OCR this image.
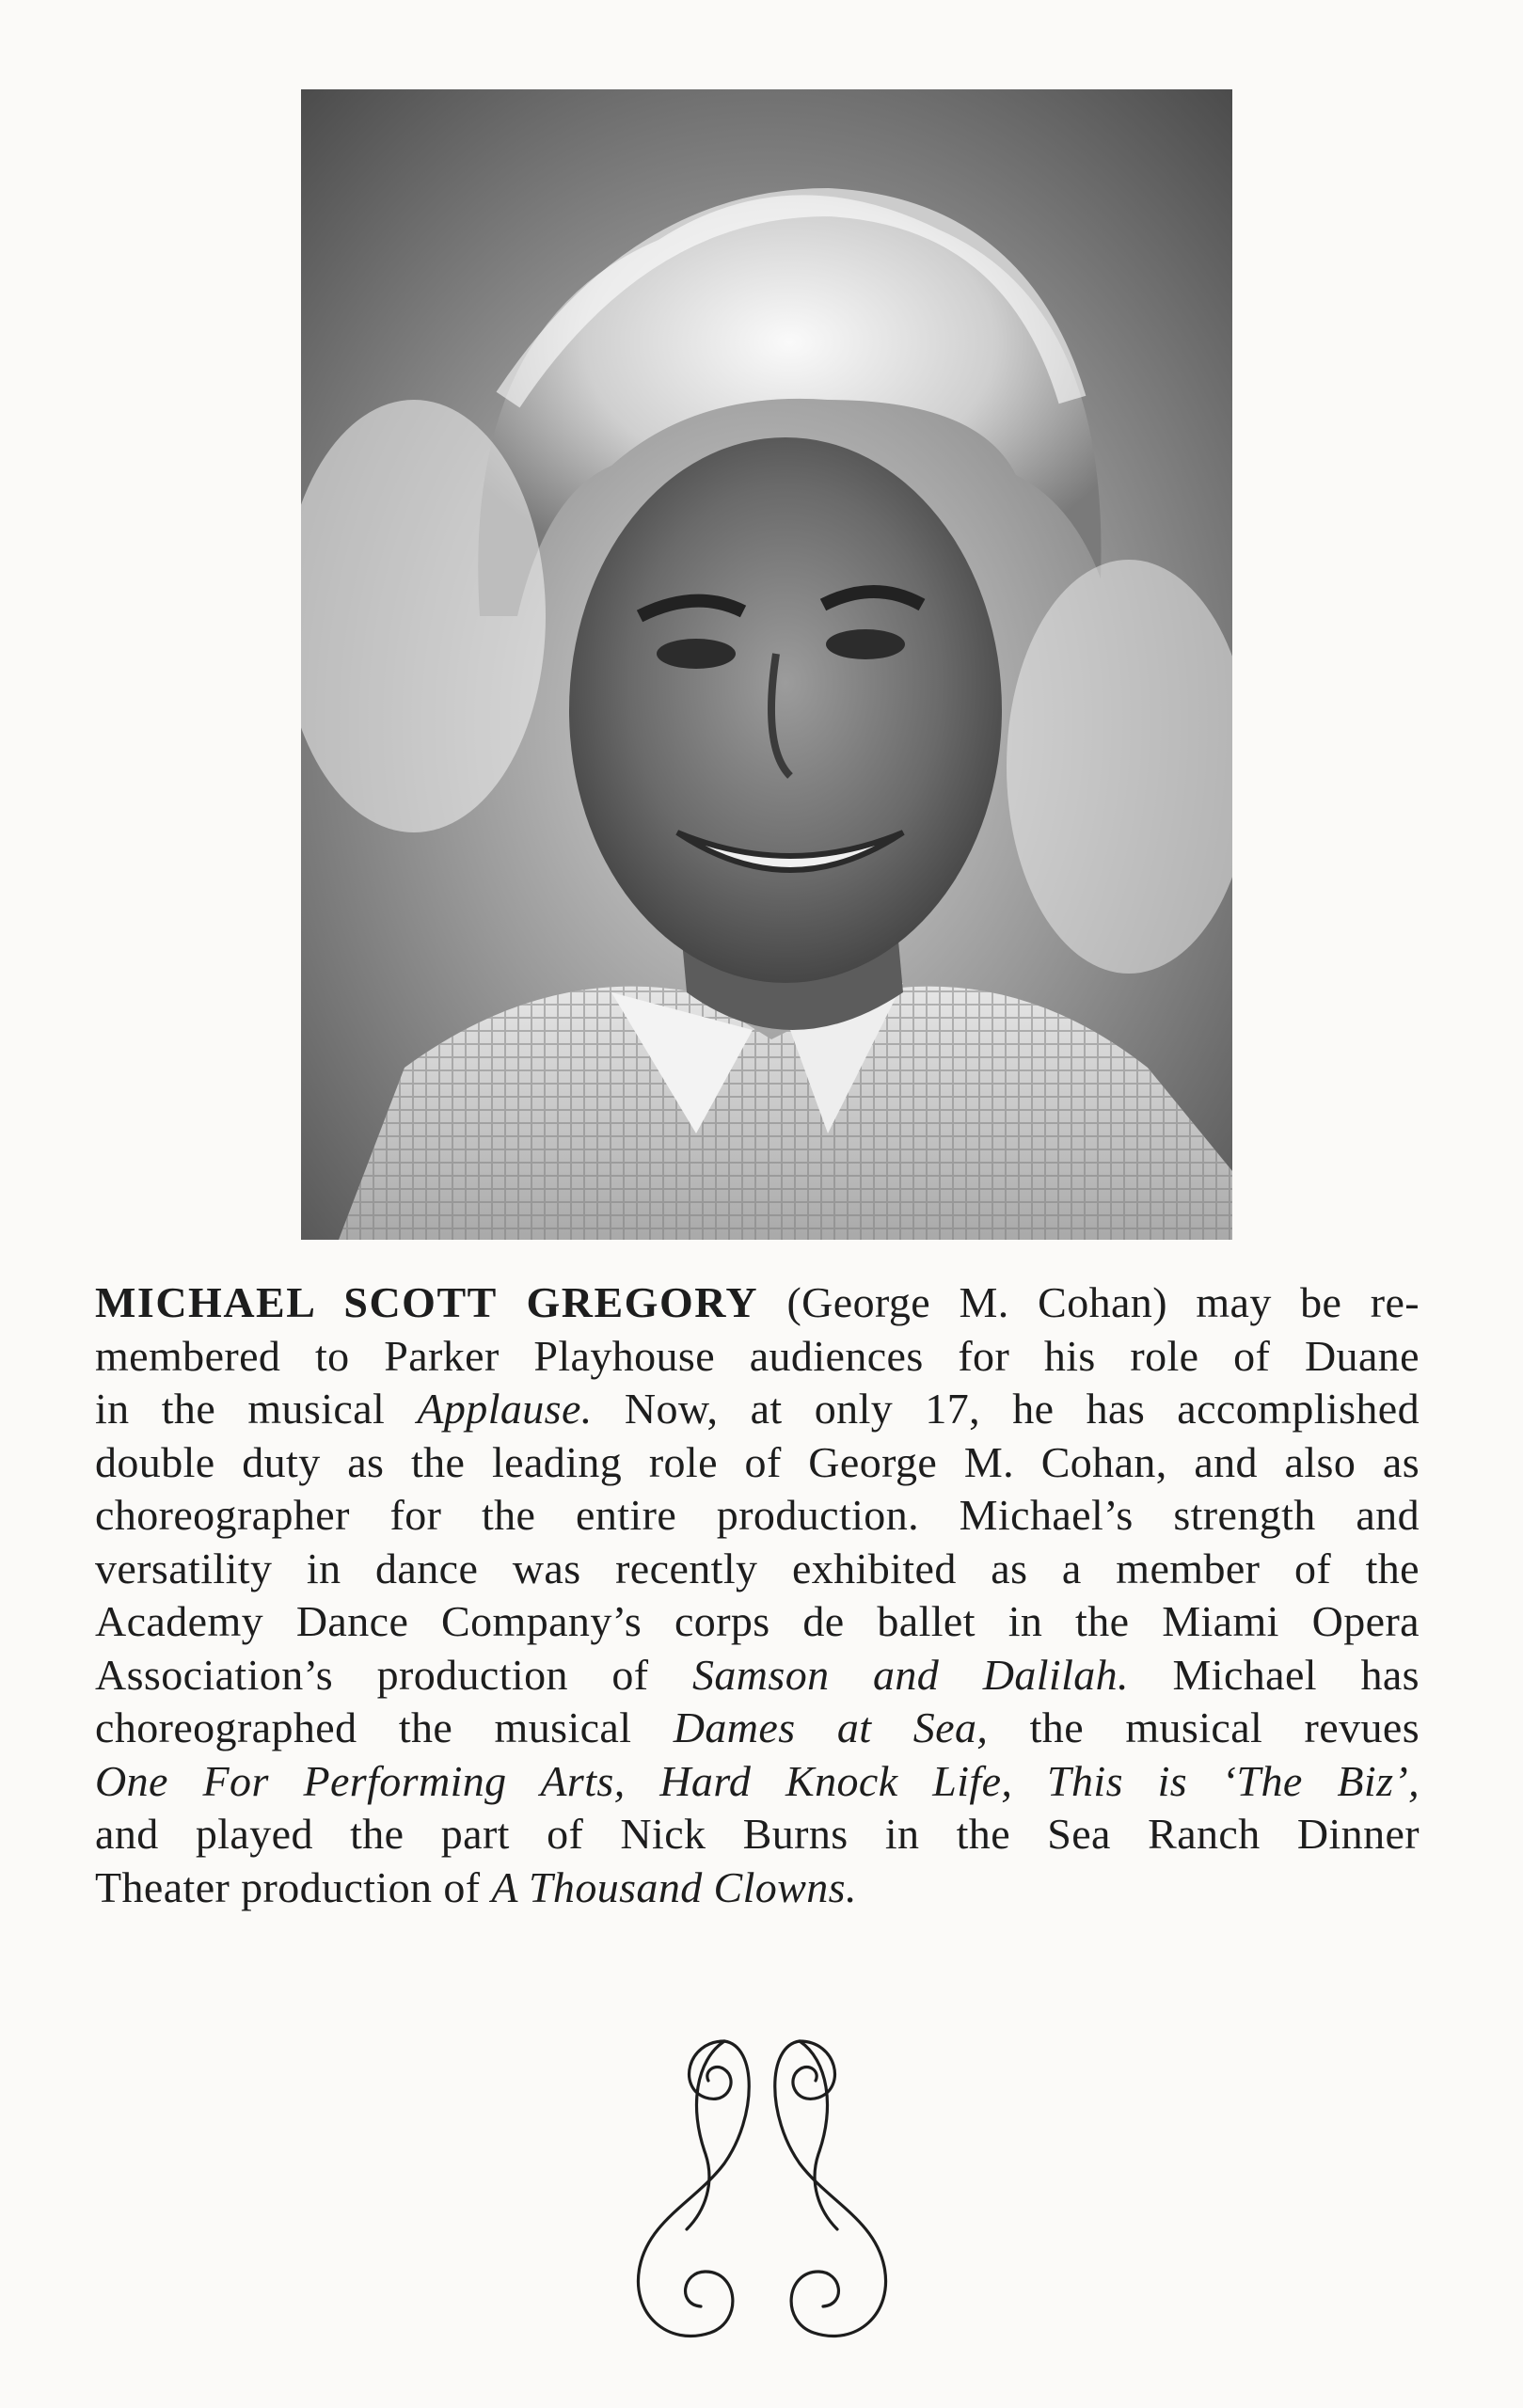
MICHAEL SCOTT GREGORY (George M. Cohan) may be re-
membered to Parker Playhouse audiences for his role of Duane
in the musical Applause. Now, at only 17, he has accomplished
double duty as the leading role of George M. Cohan, and also as
choreographer for the entire production. Michael’s strength and
versatility in dance was recently exhibited as a member of the
Academy Dance Company’s corps de ballet in the Miami Opera
Association’s production of Samson and Dalilah. Michael has
choreographed the musical Dames at Sea, the musical revues
One For Performing Arts, Hard Knock Life, This is ‘The Biz’,
and played the part of Nick Burns in the Sea Ranch Dinner
Theater production of A Thousand Clowns.
